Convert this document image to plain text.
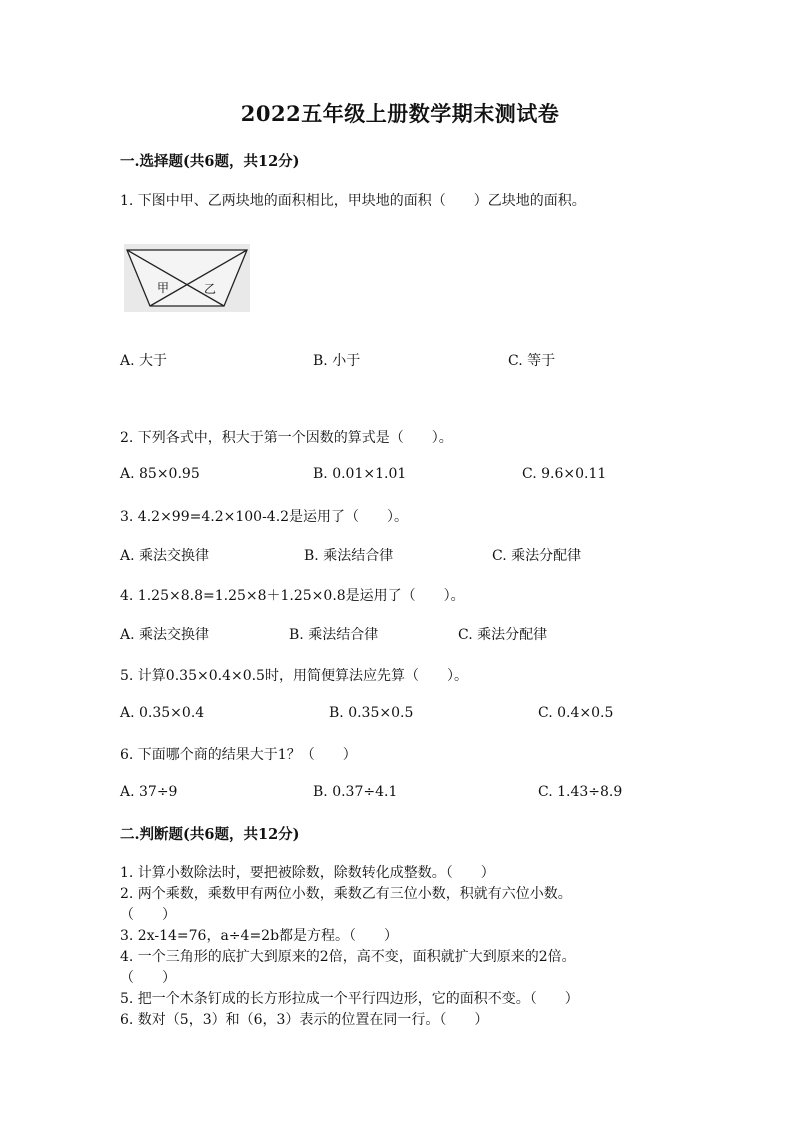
2022五年级上册数学期末测试卷
一.选择题(共6题，共12分)
1. 下图中甲、乙两块地的面积相比，甲块地的面积（　　）乙块地的面积。
甲	乙
A. 大于	B. 小于	C. 等于
2. 下列各式中，积大于第一个因数的算式是（　　）。
A. 85×0.95	B. 0.01×1.01	C. 9.6×0.11
3. 4.2×99=4.2×100-4.2是运用了（　　）。
A. 乘法交换律	B. 乘法结合律	C. 乘法分配律
4. 1.25×8.8=1.25×8＋1.25×0.8是运用了（　　）。
A. 乘法交换律	B. 乘法结合律	C. 乘法分配律
5. 计算0.35×0.4×0.5时，用简便算法应先算（　　）。
A. 0.35×0.4	B. 0.35×0.5	C. 0.4×0.5
6. 下面哪个商的结果大于1？（　　）
A. 37÷9	B. 0.37÷4.1	C. 1.43÷8.9
二.判断题(共6题，共12分)
1. 计算小数除法时，要把被除数，除数转化成整数。（　　）
2. 两个乘数，乘数甲有两位小数，乘数乙有三位小数，积就有六位小数。
（　　）
3. 2x-14=76，a÷4=2b都是方程。（　　）
4. 一个三角形的底扩大到原来的2倍，高不变，面积就扩大到原来的2倍。
（　　）
5. 把一个木条钉成的长方形拉成一个平行四边形，它的面积不变。（　　）
6. 数对（5，3）和（6，3）表示的位置在同一行。（　　）
